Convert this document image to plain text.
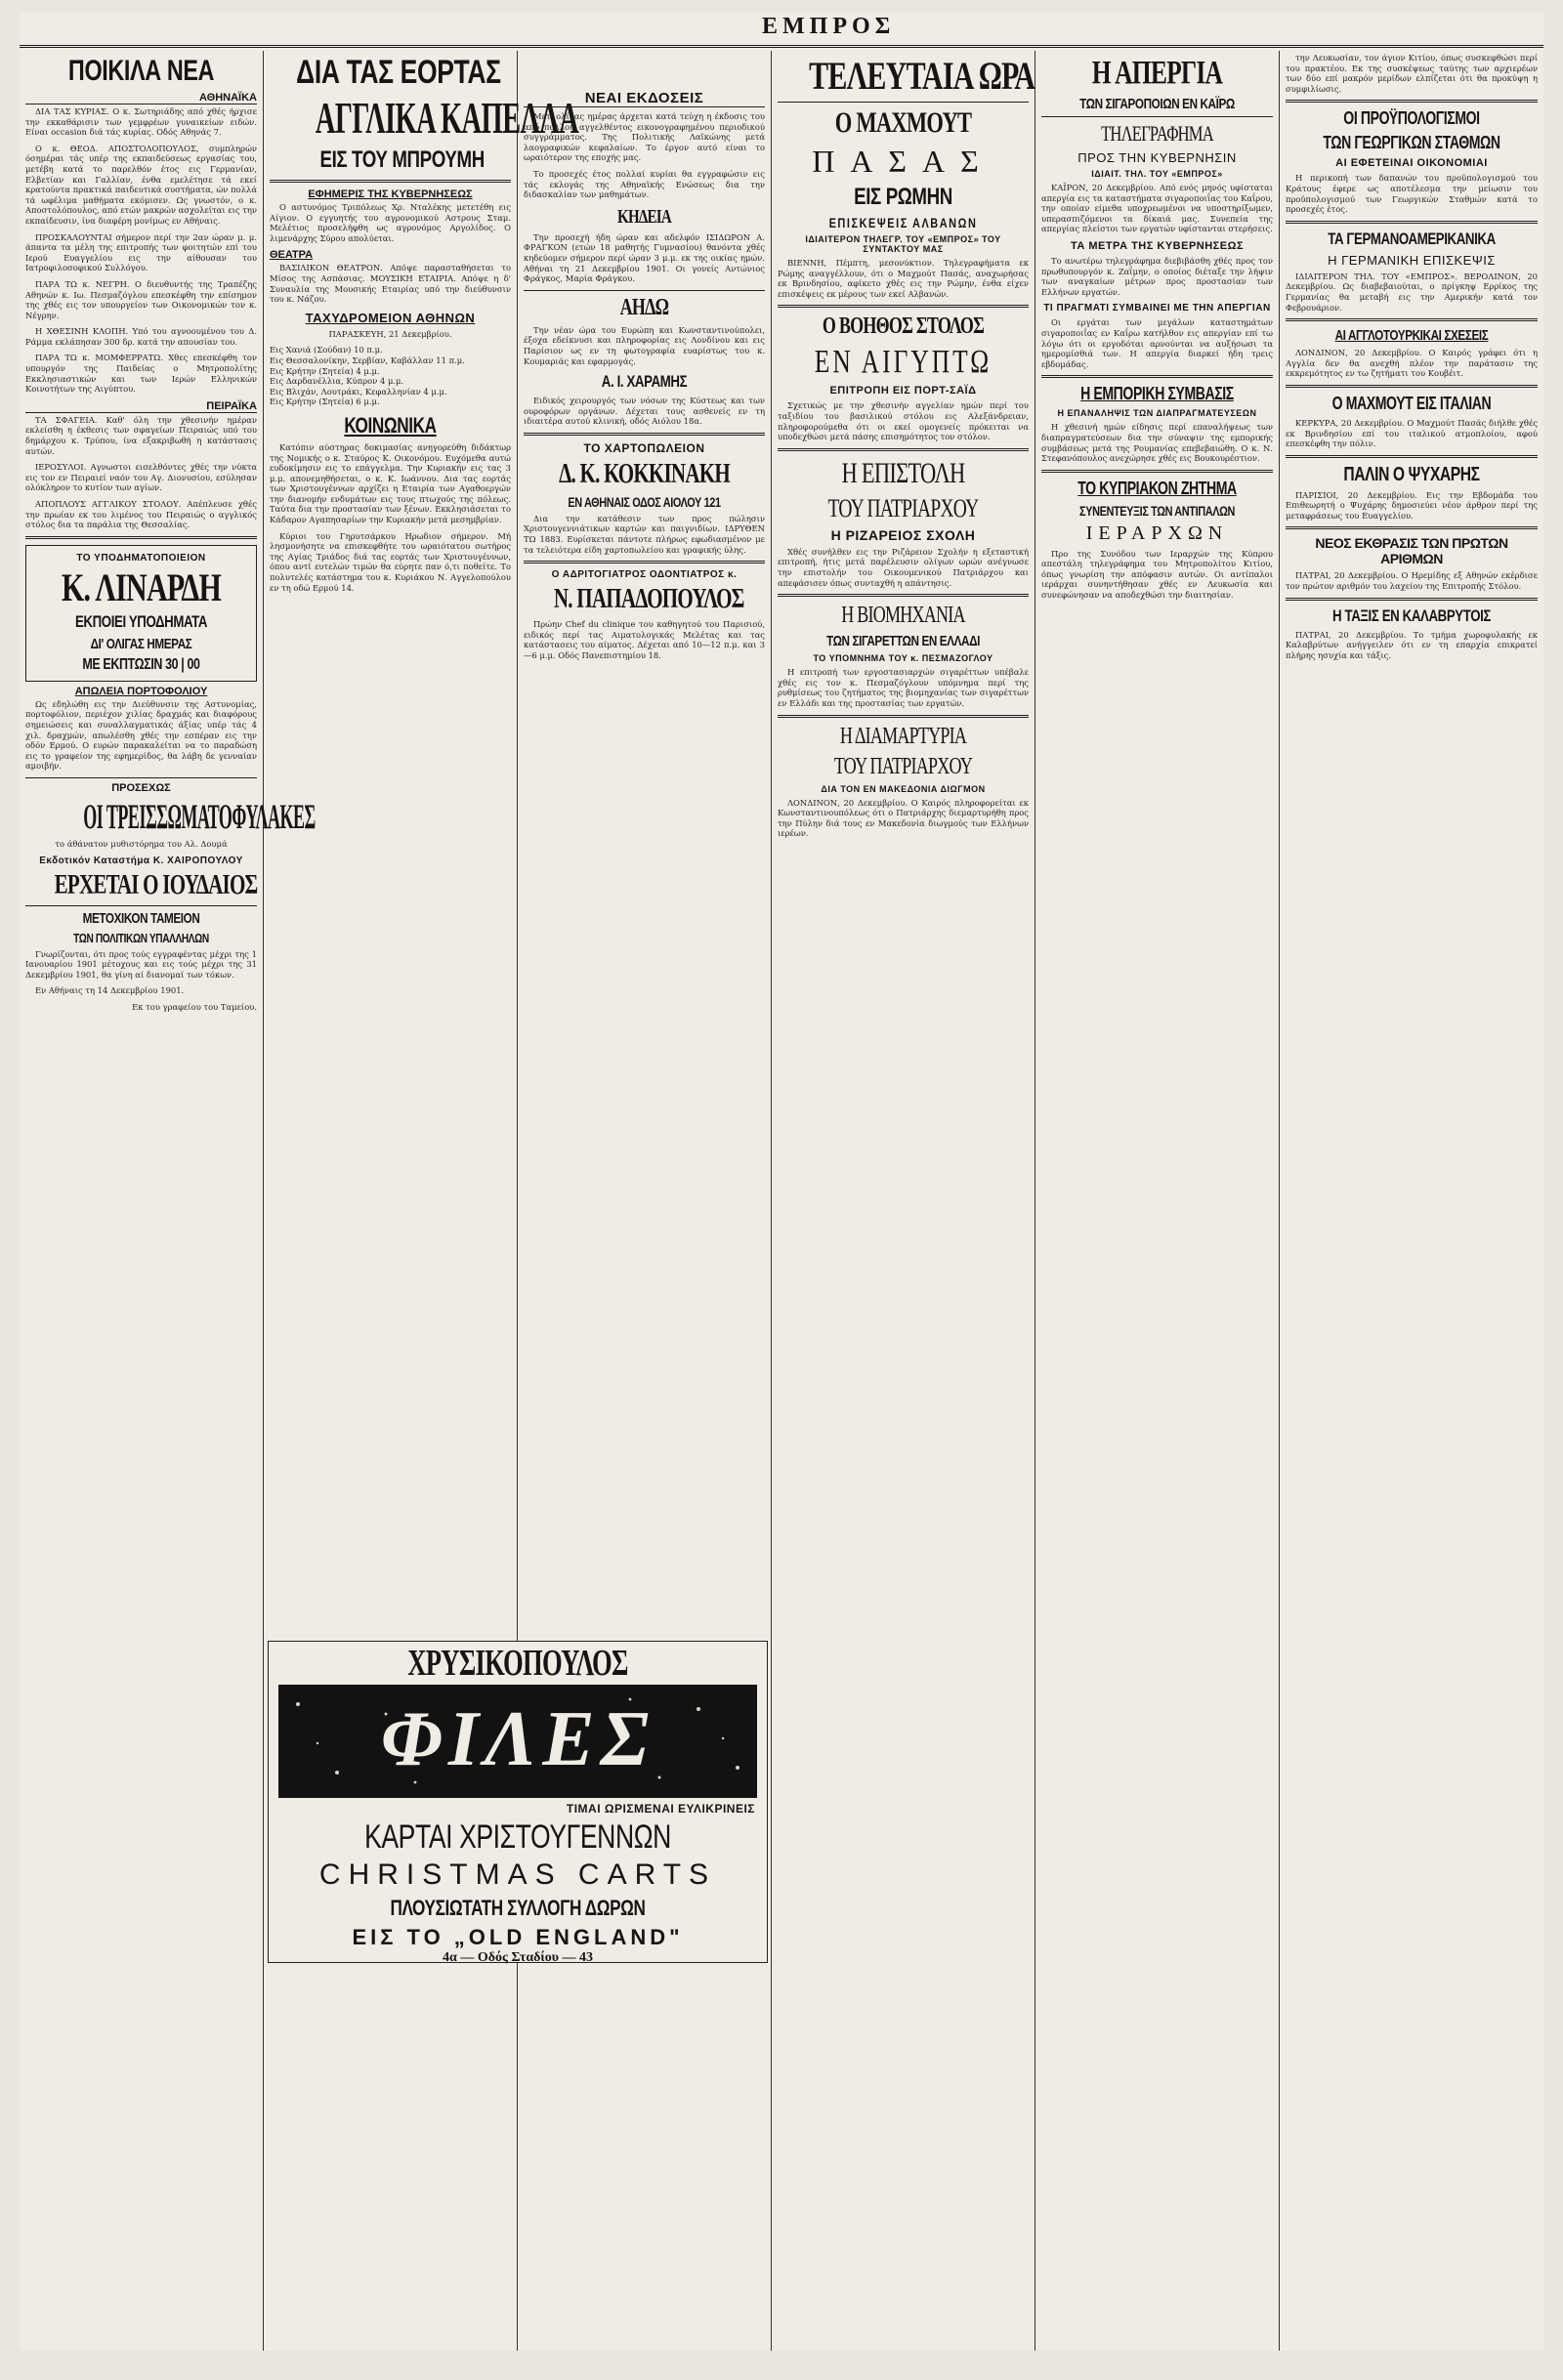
ΕΜΠΡΟΣ
ΠΟΙΚΙΛΑ ΝΕΑ
ΑΘΗΝΑΪΚΑ

ΔΙΑ ΤΑΣ ΚΥΡΙΑΣ. Ο κ. Σωτηριάδης από χθές ήρχισε την εκκαθάρισιν των γεμφρέων γυναικείων ειδών. Είναι occasion διά τάς κυρίας. Οδός Αθηνάς 7.

Ο κ. ΘΕΟΔ. ΑΠΟΣΤΟΛΟΠΟΥΛΟΣ, συμπληρών όσημέραι τάς υπέρ της εκπαιδεύσεως εργασίας του, μετέβη κατά το παρελθόν έτος εις Γερμανίαν, Ελβετίαν και Γαλλίαν, ένθα εμελέτησε τά εκεί κρατούντα πρακτικά παιδευτικά συστήματα, ών πολλά τά ωφέλιμα μαθήματα εκόμισεν. Ως γνωστόν, ο κ. Αποστολόπουλος, από ετών μακρών ασχολείται εις την εκπαίδευσιν, ίνα διαφέρη μονίμως εν Αθήναις.

ΠΡΟΣΚΑΛΟΥΝΤΑΙ σήμερον περί την 2αν ώραν μ. μ. άπαντα τα μέλη της επιτροπής των φοιτητών επί του Ιερού Ευαγγελίου εις την αίθουσαν του Ιατροφιλοσοφικού Συλλόγου.

ΠΑΡΑ ΤΩ κ. ΝΕΓΡΗ. Ο διευθυντής της Τραπέζης Αθηνών κ. Ιω. Πεσμαζόγλου επεσκέφθη την επίσημον της χθές εις τον υπουργείον των Οικονομικών τον κ. Νέγρην.

Η ΧΘΕΣΙΝΗ ΚΛΟΠΗ. Υπό του αγνοουμένου του Δ. Ράμμα εκλάπησαν 300 δρ. κατά την απουσίαν του.

ΠΑΡΑ ΤΩ κ. ΜΟΜΦΕΡΡΑΤΩ. Χθες επεσκέφθη τον υπουργόν της Παιδείας ο Μητροπολίτης Εκκλησιαστικών και των Ιερών Ελληνικών Κοινοτήτων της Αιγύπτου.

ΠΕΙΡΑΪΚΑ

ΤΑ ΣΦΑΓΕΙΑ. Καθ' όλη την χθεσινήν ημέραν εκλείσθη η έκθεσις των σφαγείων Πειραιώς υπό του δημάρχου κ. Τρύπου, ίνα εξακριβωθή η κατάστασις αυτών.

ΙΕΡΟΣΥΛΟΙ. Αγνωστοι εισελθόντες χθές την νύκτα εις τον εν Πειραιεί ναόν του Αγ. Διονυσίου, εσύλησαν ολόκληρον το κυτίον των αγίων.

ΑΠΟΠΛΟΥΣ ΑΓΓΛΙΚΟΥ ΣΤΟΛΟΥ. Απέπλευσε χθές την πρωίαν εκ του λιμένος του Πειραιώς ο αγγλικός στόλος δια τα παράλια της Θεσσαλίας.

ΤΟ ΥΠΟΔΗΜΑΤΟΠΟΙΕΙΟΝ
Κ. ΛΙΝΑΡΔΗ
ΕΚΠΟΙΕΙ ΥΠΟΔΗΜΑΤΑ
ΔΙ' ΟΛΙΓΑΣ ΗΜΕΡΑΣ
ΜΕ ΕΚΠΤΩΣΙΝ 30 | 00
ΑΠΩΛΕΙΑ ΠΟΡΤΟΦΟΛΙΟΥ

Ως εδηλώθη εις την Διεύθυνσιν της Αστυνομίας, πορτοφόλιον, περιέχον χιλίας δραχμάς και διαφόρους σημειώσεις και συναλλαγματικάς άξίας υπέρ τάς 4 χιλ. δραχμών, απωλέσθη χθές την εσπέραν εις την οδόν Ερμού. Ο ευρών παρακαλείται να το παραδώση εις το γραφείον της εφημερίδος, θα λάβη δε γενναίαν αμοιβήν.

ΠΡΟΣΕΧΩΣ
ΟΙ ΤΡΕΙΣΣΩΜΑΤΟΦΥΛΑΚΕΣ

το άθάνατον μυθιστόρημα του Αλ. Δουμά

Εκδοτικόν Καταστήμα Κ. ΧΑΙΡΟΠΟΥΛΟΥ
ΕΡΧΕΤΑΙ Ο ΙΟΥΔΑΙΟΣ
ΜΕΤΟΧΙΚΟΝ ΤΑΜΕΙΟΝ
ΤΩΝ ΠΟΛΙΤΙΚΩΝ ΥΠΑΛΛΗΛΩΝ

Γνωρίζονται, ότι προς τούς εγγραφέντας μέχρι της 1 Ιανουαρίου 1901 μέτοχους και εις τούς μέχρι της 31 Δεκεμβρίου 1901, θα γίνη αί διανομαί των τόκων.

Εν Αθήναις τη 14 Δεκεμβρίου 1901.

Εκ του γραφείου του Ταμείου.

ΔΙΑ ΤΑΣ ΕΟΡΤΑΣ
ΑΓΓΛΙΚΑ ΚΑΠΕΛΛΑ
ΕΙΣ ΤΟΥ ΜΠΡΟΥΜΗ
ΕΦΗΜΕΡΙΣ ΤΗΣ ΚΥΒΕΡΝΗΣΕΩΣ

Ο αστυνόμος Τριπόλεως Χρ. Νταλέκης μετετέθη εις Αίγιον. Ο εγγυητής του αγρονομικού Αστρους Σταμ. Μελέτιος προσελήφθη ως αγρονόμος Αργολίδος. Ο λιμενάρχης Σύρου απολύεται.

ΘΕΑΤΡΑ

ΒΑΣΙΛΙΚΟΝ ΘΕΑΤΡΟΝ. Απόψε παρασταθήσεται το Μίσος της Ασπάσιας. ΜΟΥΣΙΚΗ ΕΤΑΙΡΙΑ. Απόψε η δ' Συναυλία της Μουσικής Εταιρίας υπό την διεύθυνσιν του κ. Νάζου.

ΤΑΧΥΔΡΟΜΕΙΟΝ ΑΘΗΝΩΝ

ΠΑΡΑΣΚΕΥΗ, 21 Δεκεμβρίου.

Εις Χανιά (Σούδαν) 10 π.μ.

Εις Θεσσαλονίκην, Σερβίαν, Καβάλλαν 11 π.μ.

Εις Κρήτην (Σητεία) 4 μ.μ.

Εις Δαρδανέλλια, Κύπρον 4 μ.μ.

Εις Βλιχάν, Λουτράκι, Κεφαλληνίαν 4 μ.μ.

Εις Κρήτην (Σητεία) 6 μ.μ.

ΚΟΙΝΩΝΙΚΑ

Κατόπιν αύστηρας δοκιμασίας ανηγορεύθη διδάκτωρ της Νομικής ο κ. Σταύρος Κ. Οικονόμου. Ευχόμεθα αυτώ ευδοκίμησιν εις το επάγγελμα. Την Κυριακήν εις τας 3 μ.μ. απονεμηθήσεται, ο κ. Κ. Ιωάννου. Δια τας εορτάς των Χριστουγέννων αρχίζει η Εταιρία των Αγαθοεργών την διανομήν ενδυμάτων εις τους πτωχούς της πόλεως. Ταύτα δια την προστασίαν των ξένων. Εκκλησιάσεται το Κάδαρον Αγαπησαρίων την Κυριακήν μετά μεσημβρίαν.

Κύριοι του Γηρυτσάρκου Ηρωδιον σήμερον. Μή λησμονήσητε να επισκεφθήτε του ωραιότατου σωτήρος της Αγίας Τριάδος διά τας εορτάς των Χριστουγέννων, όπου αντί ευτελών τιμών θα εύρητε παν ό,τι ποθείτε. Το πολυτελές κατάστημα του κ. Κυριάκου Ν. Αγγελοπούλου εν τη οδώ Ερμού 14.

ΝΕΑΙ ΕΚΔΟΣΕΙΣ

Μετ' ολίγας ημέρας άρχεται κατά τεύχη η έκδοσις του από πολλού αγγελθέντος εικονογραφημένου περιοδικού συγγράμματος. Της Πολιτικής Λαϊκώνης μετά λαογραφικών κεφαλαίων. Το έργον αυτό είναι το ωραιότερον της εποχής μας.

Το προσεχές έτος πολλαί κυρίαι θα εγγραφώσιν εις τάς εκλογάς της Αθηναϊκής Ενώσεως δια την διδασκαλίαν των μαθημάτων.

ΚΗΔΕΙΑ

Την προσεχή ήδη ώραν και αδελφόν ΙΣΙΔΩΡΟΝ Α. ΦΡΑΓΚΟΝ (ετών 18 μαθητής Γυμνασίου) θανόντα χθές κηδεύομεν σήμερον περί ώραν 3 μ.μ. εκ της οικίας ημών. Αθήναι τη 21 Δεκεμβρίου 1901. Οι γονείς Αντώνιος Φράγκος, Μαρία Φράγκου.

ΑΗΔΩ

Την νέαν ώρα του Ευρώπη και Κωνσταντινούπολει, έξοχα εδείκνυσι και πληροφορίας εις Λονδίνου και εις Παρίσιον ως εν τη φωτογραφία ευαρίστως του κ. Κουμαριάς και εφαρμογάς.

Α. Ι. ΧΑΡΑΜΗΣ

Ειδικός χειρουργός των νόσων της Κύστεως και των ουροφόρων οργάνων. Δέχεται τους ασθενείς εν τη ιδιαιτέρα αυτού κλινική, οδός Αιόλου 18α.

ΤΟ ΧΑΡΤΟΠΩΛΕΙΟΝ
Δ. Κ. ΚΟΚΚΙΝΑΚΗ
ΕΝ ΑΘΗΝΑΙΣ ΟΔΟΣ ΑΙΟΛΟΥ 121

Δια την κατάθεσιν των προς πώλησιν Χριστουγεννιάτικων καρτών και παιγνιδίων. ΙΔΡΥΘΕΝ ΤΩ 1883. Ευρίσκεται πάντοτε πλήρως εφωδιασμένον με τα τελειότερα είδη χαρτοπωλείου και γραφικής ύλης.

Ο ΑΔΡΙΤΟΓΙΑΤΡΟΣ ΟΔΟΝΤΙΑΤΡΟΣ κ.
Ν. ΠΑΠΑΔΟΠΟΥΛΟΣ

Πρώην Chef du clinique του καθηγητού του Παρισιού, ειδικός περί τας Αιματολογικάς Μελέτας και τας κατάστασεις του αίματος. Δέχεται από 10—12 π.μ. και 3—6 μ.μ. Οδός Πανεπιστημίου 18.

ΤΕΛΕΥΤΑΙΑ ΩΡΑ
Ο ΜΑΧΜΟΥΤ
ΠΑΣΑΣ
ΕΙΣ ΡΩΜΗΝ
ΕΠΙΣΚΕΨΕΙΣ ΑΛΒΑΝΩΝ
ΙΔΙΑΙΤΕΡΟΝ ΤΗΛΕΓΡ. ΤΟΥ «ΕΜΠΡΟΣ» ΤΟΥ ΣΥΝΤΑΚΤΟΥ ΜΑΣ

ΒΙΕΝΝΗ, Πέμπτη, μεσονύκτιον. Τηλεγραφήματα εκ Ρώμης αναγγέλλουν, ότι ο Μαχμούτ Πασάς, αναχωρήσας εκ Βρινδησίου, αφίκετο χθές εις την Ρώμην, ένθα είχεν επισκέψεις εκ μέρους των εκεί Αλβανών.

Ο ΒΟΗΘΟΣ ΣΤΟΛΟΣ
ΕΝ ΑΙΓΥΠΤΩ
ΕΠΙΤΡΟΠΗ ΕΙΣ ΠΟΡΤ-ΣΑΪΔ

Σχετικώς με την χθεσινήν αγγελίαν ημών περί του ταξιδίου του βασιλικού στόλου εις Αλεξάνδρειαν, πληροφορούμεθα ότι οι εκεί ομογενείς πρόκειται να υποδεχθώσι μετά πάσης επισημότητος τον στόλον.

Η ΕΠΙΣΤΟΛΗ
ΤΟΥ ΠΑΤΡΙΑΡΧΟΥ
Η ΡΙΖΑΡΕΙΟΣ ΣΧΟΛΗ

Χθές συνήλθεν εις την Ριζάρειον Σχολήν η εξεταστική επιτροπή, ήτις μετά παρέλευσιν ολίγων ωρών ανέγνωσε την επιστολήν του Οικουμενικού Πατριάρχου και απεφάσισεν όπως συνταχθή η απάντησις.

Η ΒΙΟΜΗΧΑΝΙΑ
ΤΩΝ ΣΙΓΑΡΕΤΤΩΝ ΕΝ ΕΛΛΑΔΙ
ΤΟ ΥΠΟΜΝΗΜΑ ΤΟΥ κ. ΠΕΣΜΑΖΟΓΛΟΥ

Η επιτροπή των εργοστασιαρχών σιγαρέττων υπέβαλε χθές εις τον κ. Πεσμαζόγλουν υπόμνημα περί της ρυθμίσεως του ζητήματος της βιομηχανίας των σιγαρέττων εν Ελλάδι και της προστασίας των εργατών.

Η ΔΙΑΜΑΡΤΥΡΙΑ
ΤΟΥ ΠΑΤΡΙΑΡΧΟΥ
ΔΙΑ ΤΟΝ ΕΝ ΜΑΚΕΔΟΝΙΑ ΔΙΩΓΜΟΝ

ΛΟΝΔΙΝΟΝ, 20 Δεκεμβρίου. Ο Καιρός πληροφορείται εκ Κωνσταντινουπόλεως ότι ο Πατριάρχης διεμαρτυρήθη προς την Πύλην διά τους εν Μακεδονία διωγμούς των Ελλήνων ιερέων.

Η ΑΠΕΡΓΙΑ
ΤΩΝ ΣΙΓΑΡΟΠΟΙΩΝ ΕΝ ΚΑΪΡΩ
ΤΗΛΕΓΡΑΦΗΜΑ
ΠΡΟΣ ΤΗΝ ΚΥΒΕΡΝΗΣΙΝ
ΙΔΙΑΙΤ. ΤΗΛ. ΤΟΥ «ΕΜΠΡΟΣ»

ΚΑΪΡΟΝ, 20 Δεκεμβρίου. Από ενός μηνός υφίσταται απεργία εις τα καταστήματα σιγαροποιΐας του Καΐρου, την οποίαν είμεθα υποχρεωμένοι να υποστηρίξωμεν, υπερασπιζόμενοι τα δίκαιά μας. Συνεπεία της απεργίας πλείστοι των εργατών υφίστανται στερήσεις.

ΤΑ ΜΕΤΡΑ ΤΗΣ ΚΥΒΕΡΝΗΣΕΩΣ

Το ανωτέρω τηλεγράφημα διεβιβάσθη χθές προς τον πρωθυπουργόν κ. Ζαΐμην, ο οποίος διέταξε την λήψιν των αναγκαίων μέτρων προς προστασίαν των Ελλήνων εργατών.

ΤΙ ΠΡΑΓΜΑΤΙ ΣΥΜΒΑΙΝΕΙ ΜΕ ΤΗΝ ΑΠΕΡΓΙΑΝ

Οι εργάται των μεγάλων καταστημάτων σιγαροποιΐας εν Καΐρω κατήλθον εις απεργίαν επί τω λόγω ότι οι εργοδόται αρνούνται να αυξήσωσι τα ημερομίσθιά των. Η απεργία διαρκεί ήδη τρεις εβδομάδας.

Η ΕΜΠΟΡΙΚΗ ΣΥΜΒΑΣΙΣ
Η ΕΠΑΝΑΛΗΨΙΣ ΤΩΝ ΔΙΑΠΡΑΓΜΑΤΕΥΣΕΩΝ

Η χθεσινή ημών είδησις περί επαναλήψεως των διαπραγματεύσεων δια την σύναψιν της εμπορικής συμβάσεως μετά της Ρουμανίας επεβεβαιώθη. Ο κ. Ν. Στεφανόπουλος ανεχώρησε χθές εις Βουκουρέστιον.

ΤΟ ΚΥΠΡΙΑΚΟΝ ΖΗΤΗΜΑ
ΣΥΝΕΝΤΕΥΞΙΣ ΤΩΝ ΑΝΤΙΠΑΛΩΝ
ΙΕΡΑΡΧΩΝ

Προ της Συνόδου των Ιεραρχών της Κύπρου απεστάλη τηλεγράφημα του Μητροπολίτου Κιτίου, όπως γνωρίση την απόφασιν αυτών. Οι αντίπαλοι ιεράρχαι συνηντήθησαν χθές εν Λευκωσία και συνεφώνησαν να αποδεχθώσι την διαιτησίαν.

την Λευκωσίαν, τον άγιον Κιτίου, όπως συσκεφθώσι περί του πρακτέου. Εκ της συσκέψεως ταύτης των αρχιερέων των δύο επί μακρόν μερίδων ελπίζεται ότι θα προκύψη η συμφιλίωσις.

ΟΙ ΠΡΟΫΠΟΛΟΓΙΣΜΟΙ
ΤΩΝ ΓΕΩΡΓΙΚΩΝ ΣΤΑΘΜΩΝ
ΑΙ ΕΦΕΤΕΙΝΑΙ ΟΙΚΟΝΟΜΙΑΙ

Η περικοπή των δαπανών του προϋπολογισμού του Κράτους έφερε ως αποτέλεσμα την μείωσιν του προϋπολογισμού των Γεωργικών Σταθμών κατά το προσεχές έτος.

ΤΑ ΓΕΡΜΑΝΟΑΜΕΡΙΚΑΝΙΚΑ
Η ΓΕΡΜΑΝΙΚΗ ΕΠΙΣΚΕΨΙΣ

ΙΔΙΑΙΤΕΡΟΝ ΤΗΛ. ΤΟΥ «ΕΜΠΡΟΣ». ΒΕΡΟΛΙΝΟΝ, 20 Δεκεμβρίου. Ως διαβεβαιούται, ο πρίγκηψ Ερρίκος της Γερμανίας θα μεταβή εις την Αμερικήν κατά τον Φεβρουάριον.

ΑΙ ΑΓΓΛΟΤΟΥΡΚΙΚΑΙ ΣΧΕΣΕΙΣ

ΛΟΝΔΙΝΟΝ, 20 Δεκεμβρίου. Ο Καιρός γράφει ότι η Αγγλία δεν θα ανεχθή πλέον την παράτασιν της εκκρεμότητος εν τω ζητήματι του Κουβέιτ.

Ο ΜΑΧΜΟΥΤ ΕΙΣ ΙΤΑΛΙΑΝ

ΚΕΡΚΥΡΑ, 20 Δεκεμβρίου. Ο Μαχμούτ Πασάς διήλθε χθές εκ Βρινδησίου επί του ιταλικού ατμοπλοίου, αφού επεσκέφθη την πόλιν.

ΠΑΛΙΝ Ο ΨΥΧΑΡΗΣ

ΠΑΡΙΣΙΟΙ, 20 Δεκεμβρίου. Εις την Εβδομάδα του Επιθεωρητή ο Ψυχάρης δημοσιεύει νέον άρθρον περί της μεταφράσεως του Ευαγγελίου.

ΝΕΟΣ ΕΚΘΡΑΣΙΣ ΤΩΝ ΠΡΩΤΩΝ ΑΡΙΘΜΩΝ

ΠΑΤΡΑΙ, 20 Δεκεμβρίου. Ο Ηρεμίδης εξ Αθηνών εκέρδισε τον πρώτον αριθμόν του λαχείου της Επιτροπής Στόλου.

Η ΤΑΞΙΣ ΕΝ ΚΑΛΑΒΡΥΤΟΙΣ

ΠΑΤΡΑΙ, 20 Δεκεμβρίου. Το τμήμα χωροφυλακής εκ Καλαβρύτων ανήγγειλεν ότι εν τη επαρχία επικρατεί πλήρης ησυχία και τάξις.

ΧΡΥΣΙΚΟΠΟΥΛΟΣ
ΦΙΛΕΣ
ΤΙΜΑΙ ΩΡΙΣΜΕΝΑΙ ΕΥΛΙΚΡΙΝΕΙΣ
ΚΑΡΤΑΙ ΧΡΙΣΤΟΥΓΕΝΝΩΝ
CHRISTMAS CARTS
ΠΛΟΥΣΙΩΤΑΤΗ ΣΥΛΛΟΓΗ ΔΩΡΩΝ
ΕΙΣ ΤΟ „OLD ENGLAND"
4α — Οδός Σταδίου — 43
